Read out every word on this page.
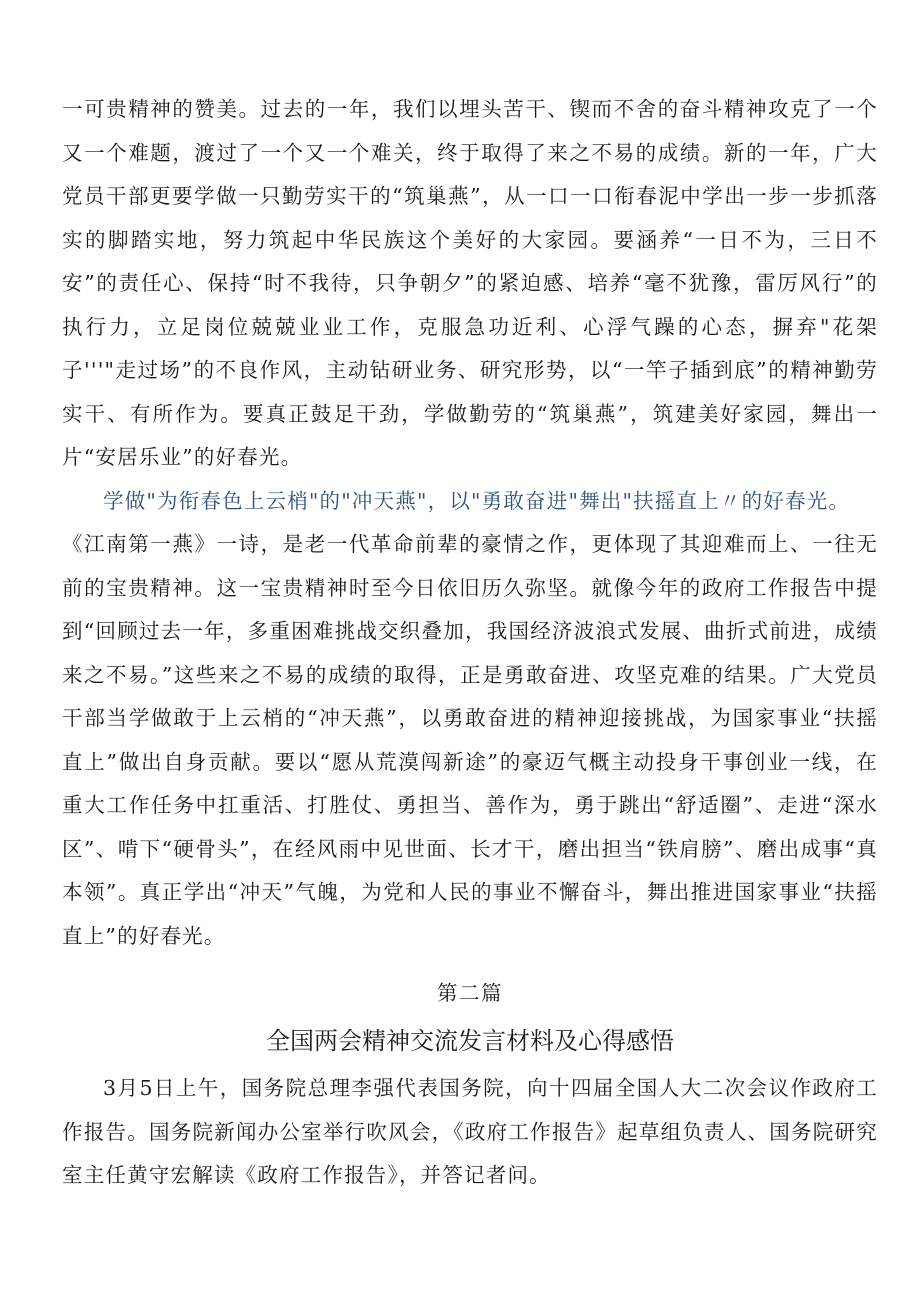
一可贵精神的赞美。过去的一年，我们以埋头苦干、锲而不舍的奋斗精神攻克了一个又一个难题，渡过了一个又一个难关，终于取得了来之不易的成绩。新的一年，广大党员干部更要学做一只勤劳实干的“筑巢燕”，从一口一口衔春泥中学出一步一步抓落实的脚踏实地，努力筑起中华民族这个美好的大家园。要涵养“一日不为，三日不安”的责任心、保持“时不我待，只争朝夕”的紧迫感、培养“毫不犹豫，雷厉风行”的执行力，立足岗位兢兢业业工作，克服急功近利、心浮气躁的心态，摒弃"花架子'''"走过场”的不良作风，主动钻研业务、研究形势，以“一竿子插到底”的精神勤劳实干、有所作为。要真正鼓足干劲，学做勤劳的“筑巢燕”，筑建美好家园，舞出一片“安居乐业”的好春光。

学做"为衔春色上云梢"的"冲天燕"，以"勇敢奋进"舞出"扶摇直上〃的好春光。

《江南第一燕》一诗，是老一代革命前辈的豪情之作，更体现了其迎难而上、一往无前的宝贵精神。这一宝贵精神时至今日依旧历久弥坚。就像今年的政府工作报告中提到“回顾过去一年，多重困难挑战交织叠加，我国经济波浪式发展、曲折式前进，成绩来之不易。”这些来之不易的成绩的取得，正是勇敢奋进、攻坚克难的结果。广大党员干部当学做敢于上云梢的“冲天燕”，以勇敢奋进的精神迎接挑战，为国家事业“扶摇直上”做出自身贡献。要以“愿从荒漠闯新途”的豪迈气概主动投身干事创业一线，在重大工作任务中扛重活、打胜仗、勇担当、善作为，勇于跳出“舒适圈”、走进“深水区”、啃下“硬骨头”，在经风雨中见世面、长才干，磨出担当“铁肩膀”、磨出成事“真本领”。真正学出“冲天”气魄，为党和人民的事业不懈奋斗，舞出推进国家事业“扶摇直上”的好春光。

第二篇

全国两会精神交流发言材料及心得感悟

3月5日上午，国务院总理李强代表国务院，向十四届全国人大二次会议作政府工作报告。国务院新闻办公室举行吹风会，《政府工作报告》起草组负责人、国务院研究室主任黄守宏解读《政府工作报告》，并答记者问。
